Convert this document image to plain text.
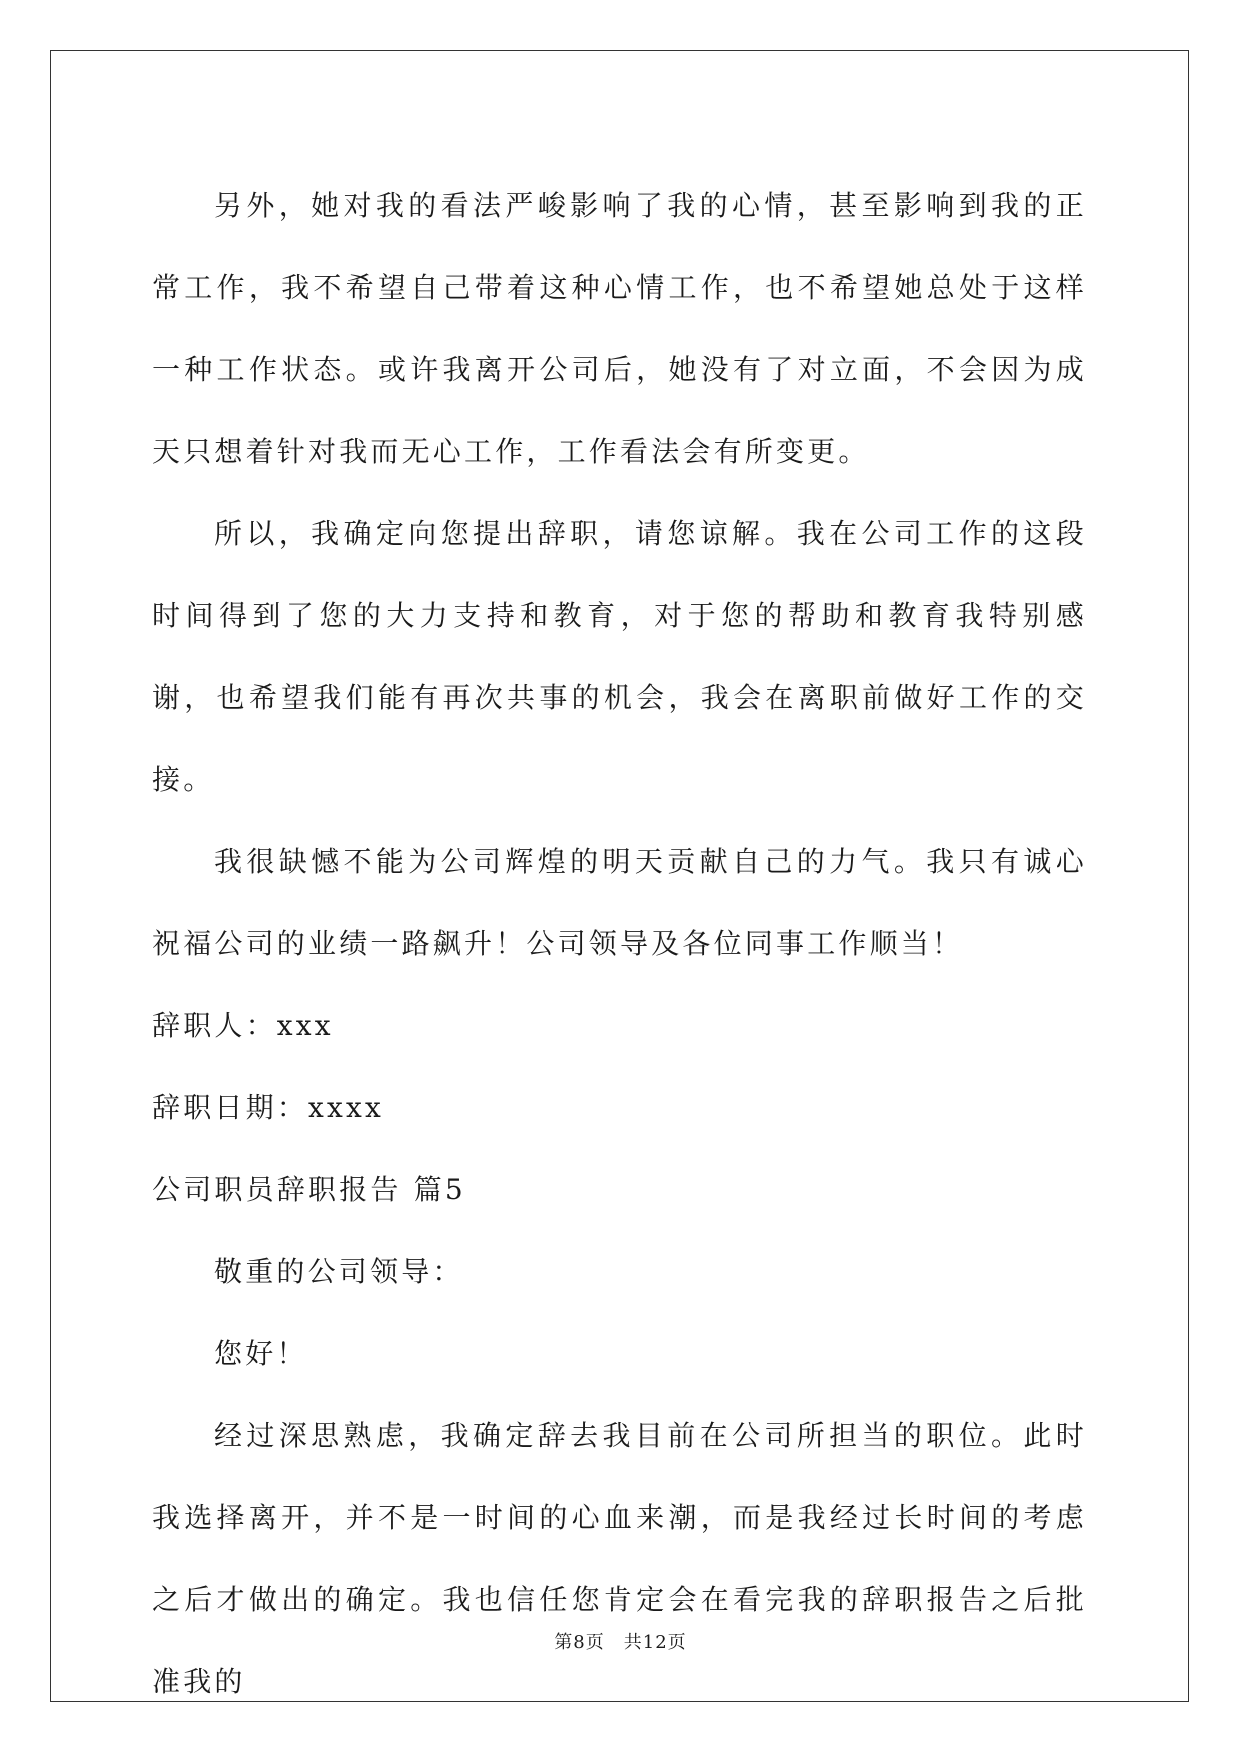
另外，她对我的看法严峻影响了我的心情，甚至影响到我的正常工作，我不希望自己带着这种心情工作，也不希望她总处于这样一种工作状态。或许我离开公司后，她没有了对立面，不会因为成天只想着针对我而无心工作，工作看法会有所变更。

所以，我确定向您提出辞职，请您谅解。我在公司工作的这段时间得到了您的大力支持和教育，对于您的帮助和教育我特别感谢，也希望我们能有再次共事的机会，我会在离职前做好工作的交接。

我很缺憾不能为公司辉煌的明天贡献自己的力气。我只有诚心祝福公司的业绩一路飙升！公司领导及各位同事工作顺当！

辞职人：xxx

辞职日期：xxxx

公司职员辞职报告 篇5

敬重的公司领导：

您好！

经过深思熟虑，我确定辞去我目前在公司所担当的职位。此时我选择离开，并不是一时间的心血来潮，而是我经过长时间的考虑之后才做出的确定。我也信任您肯定会在看完我的辞职报告之后批准我的

第8页　共12页
